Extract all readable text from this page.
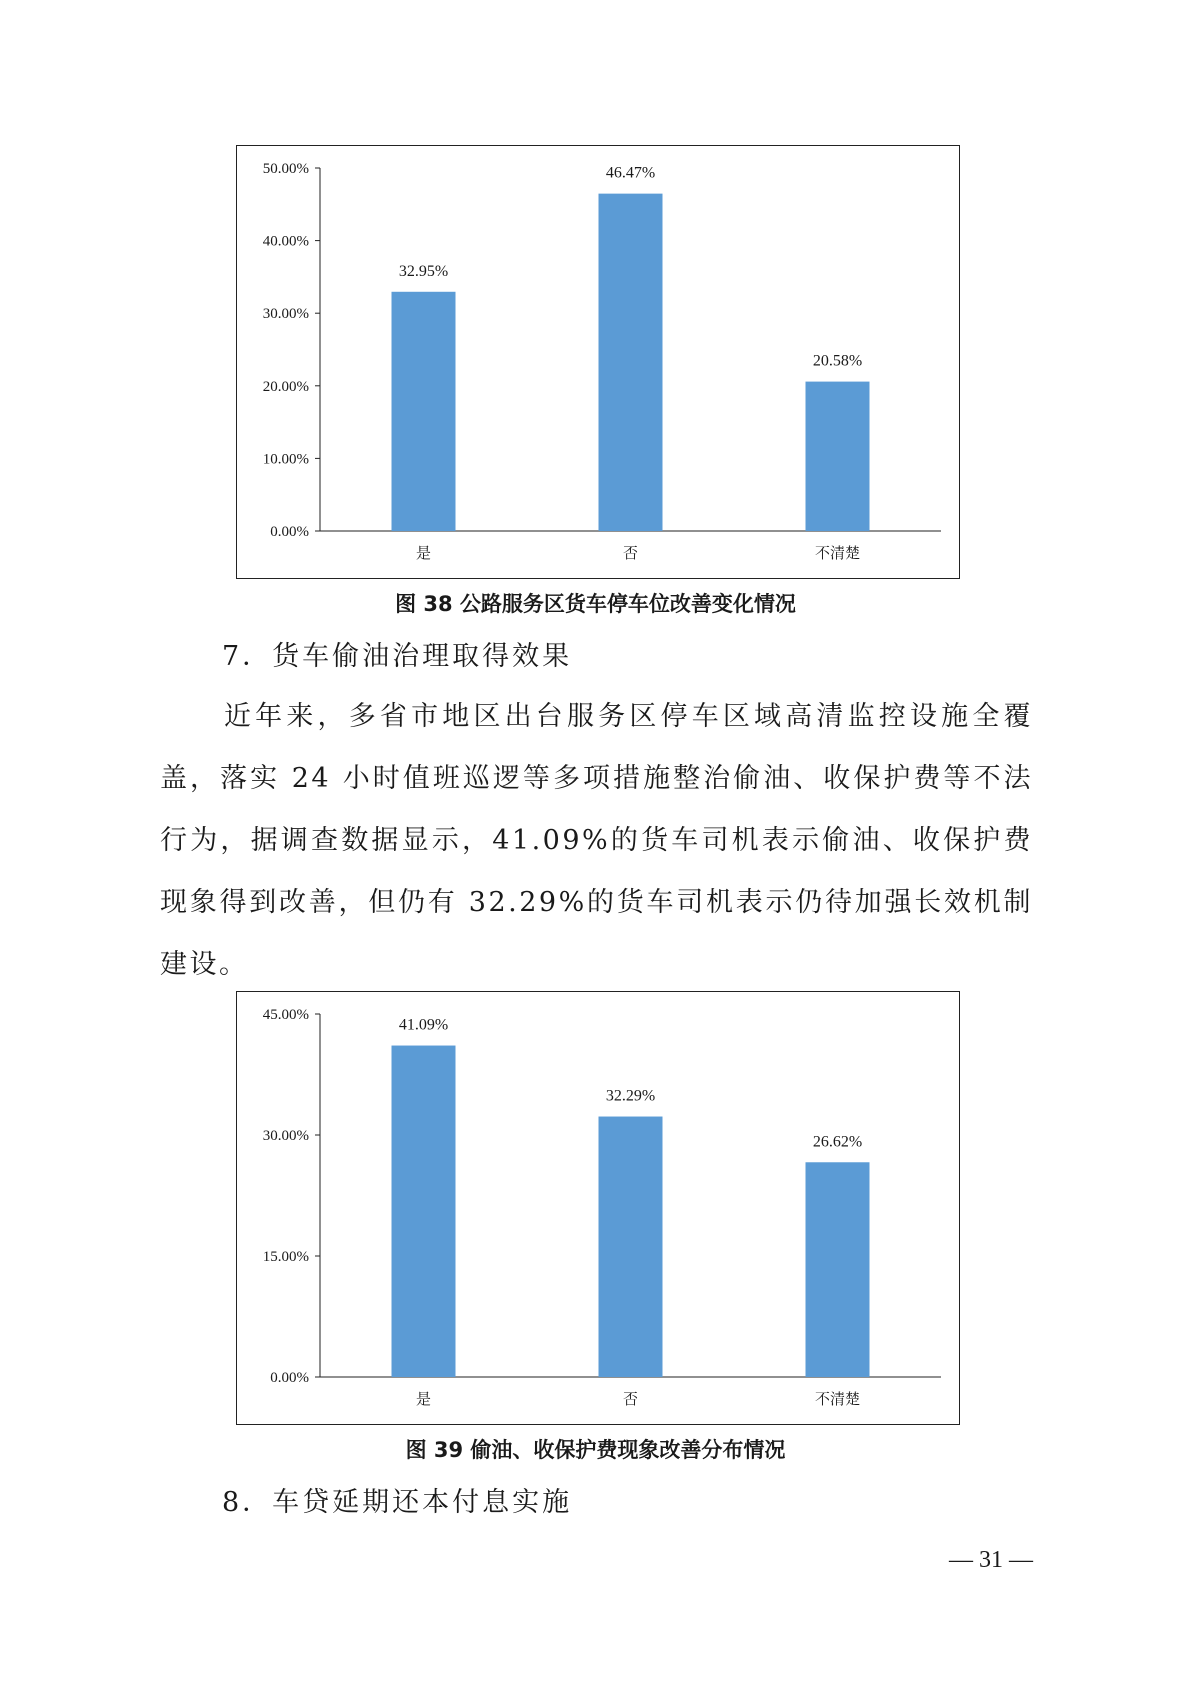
0.00%
10.00%
20.00%
30.00%
40.00%
50.00%
32.95%
是
46.47%
否
20.58%
不清楚
图 38 公路服务区货车停车位改善变化情况
7．货车偷油治理取得效果
近年来，多省市地区出台服务区停车区域高清监控设施全覆盖，落实 24 小时值班巡逻等多项措施整治偷油、收保护费等不法行为，据调查数据显示，41.09%的货车司机表示偷油、收保护费现象得到改善，但仍有 32.29%的货车司机表示仍待加强长效机制建设。
0.00%
15.00%
30.00%
45.00%
41.09%
是
32.29%
否
26.62%
不清楚
图 39 偷油、收保护费现象改善分布情况
8．车贷延期还本付息实施
— 31 —
